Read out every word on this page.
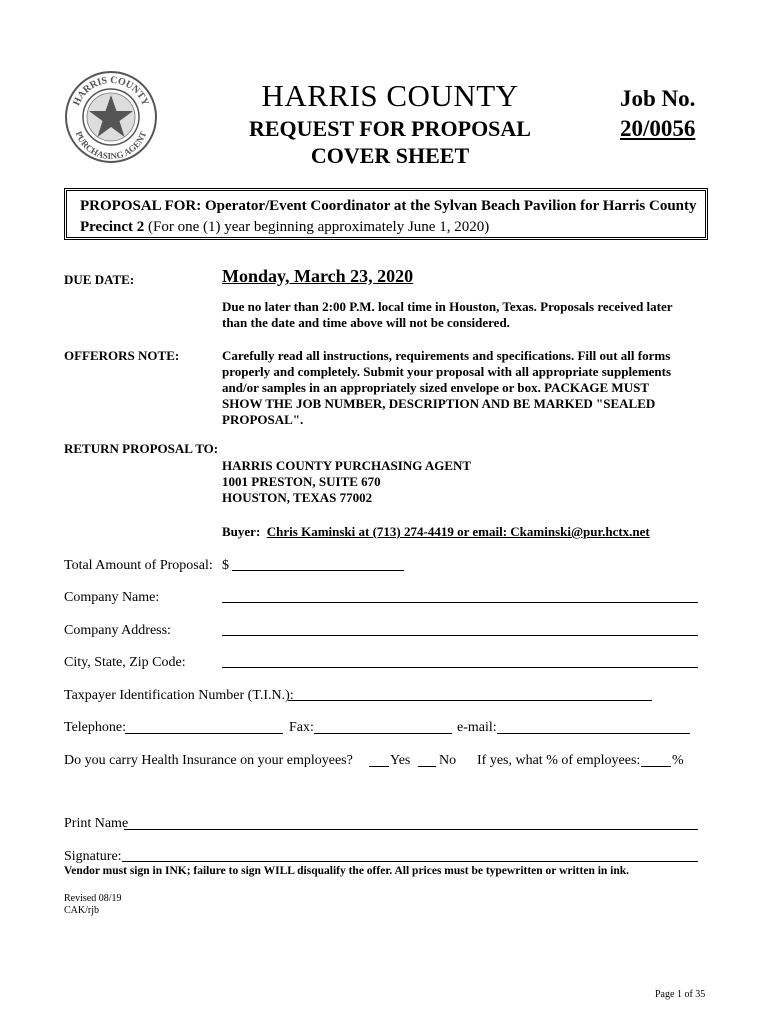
HARRIS COUNTY
PURCHASING AGENT
HARRIS COUNTY
REQUEST FOR PROPOSAL
COVER SHEET
Job No.
20/0056
PROPOSAL FOR: Operator/Event Coordinator at the Sylvan Beach Pavilion for Harris County
Precinct 2 (For one (1) year beginning approximately June 1, 2020)
DUE DATE:	Monday, March 23, 2020
Due no later than 2:00 P.M. local time in Houston, Texas. Proposals received later
than the date and time above will not be considered.
OFFERORS NOTE:	Carefully read all instructions, requirements and specifications. Fill out all forms
properly and completely. Submit your proposal with all appropriate supplements
and/or samples in an appropriately sized envelope or box. PACKAGE MUST
SHOW THE JOB NUMBER, DESCRIPTION AND BE MARKED "SEALED
PROPOSAL".
RETURN PROPOSAL TO:
HARRIS COUNTY PURCHASING AGENT
1001 PRESTON, SUITE 670
HOUSTON, TEXAS 77002
Buyer: Chris Kaminski at (713) 274-4419 or email: Ckaminski@pur.hctx.net
Total Amount of Proposal: $
Company Name:
Company Address:
City, State, Zip Code:
Taxpayer Identification Number (T.I.N.):
Telephone:	Fax:	e-mail:
Do you carry Health Insurance on your employees?	Yes No If yes, what % of employees: %
Print Name
Signature:
Vendor must sign in INK; failure to sign WILL disqualify the offer. All prices must be typewritten or written in ink.
Revised 08/19
CAK/rjb
Page 1 of 35
